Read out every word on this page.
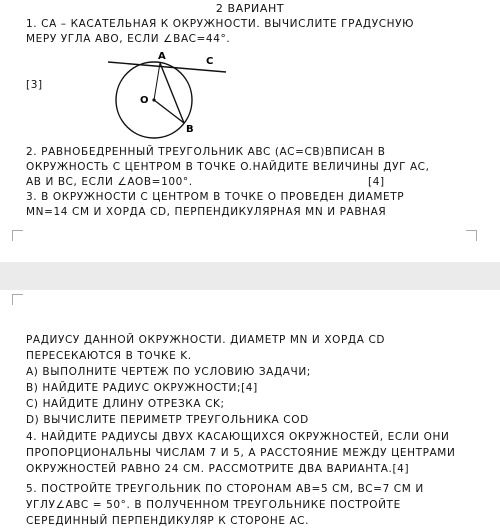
2 ВАРИАНТ
1. CA – КАСАТЕЛЬНАЯ К ОКРУЖНОСТИ. ВЫЧИСЛИТЕ ГРАДУСНУЮ
МЕРУ УГЛА ABO, ЕСЛИ ∠BAC=44°.
A	C
O
B
[3]
2. РАВНОБЕДРЕННЫЙ ТРЕУГОЛЬНИК ABC (AC=CB)ВПИСАН В
ОКРУЖНОСТЬ С ЦЕНТРОМ В ТОЧКЕ O.НАЙДИТЕ ВЕЛИЧИНЫ ДУГ AC,
AB И BC, ЕСЛИ ∠AOB=100°.	[4]
3. В ОКРУЖНОСТИ С ЦЕНТРОМ В ТОЧКЕ O ПРОВЕДЕН ДИАМЕТР
MN=14 СМ И ХОРДА CD, ПЕРПЕНДИКУЛЯРНАЯ MN И РАВНАЯ
РАДИУСУ ДАННОЙ ОКРУЖНОСТИ. ДИАМЕТР MN И ХОРДА CD
ПЕРЕСЕКАЮТСЯ В ТОЧКЕ K.
A) ВЫПОЛНИТЕ ЧЕРТЕЖ ПО УСЛОВИЮ ЗАДАЧИ;
В) НАЙДИТЕ РАДИУС ОКРУЖНОСТИ;[4]
C) НАЙДИТЕ ДЛИНУ ОТРЕЗКА CK;
D) ВЫЧИСЛИТЕ ПЕРИМЕТР ТРЕУГОЛЬНИКА COD
4. НАЙДИТЕ РАДИУСЫ ДВУХ КАСАЮЩИХСЯ ОКРУЖНОСТЕЙ, ЕСЛИ ОНИ
ПРОПОРЦИОНАЛЬНЫ ЧИСЛАМ 7 И 5, А РАССТОЯНИЕ МЕЖДУ ЦЕНТРАМИ
ОКРУЖНОСТЕЙ РАВНО 24 СМ. РАССМОТРИТЕ ДВА ВАРИАНТА.[4]
5. ПОСТРОЙТЕ ТРЕУГОЛЬНИК ПО СТОРОНАМ AB=5 СМ, BC=7 СМ И
УГЛУ∠ABC = 50°. В ПОЛУЧЕННОМ ТРЕУГОЛЬНИКЕ ПОСТРОЙТЕ
СЕРЕДИННЫЙ ПЕРПЕНДИКУЛЯР К СТОРОНЕ AC.
